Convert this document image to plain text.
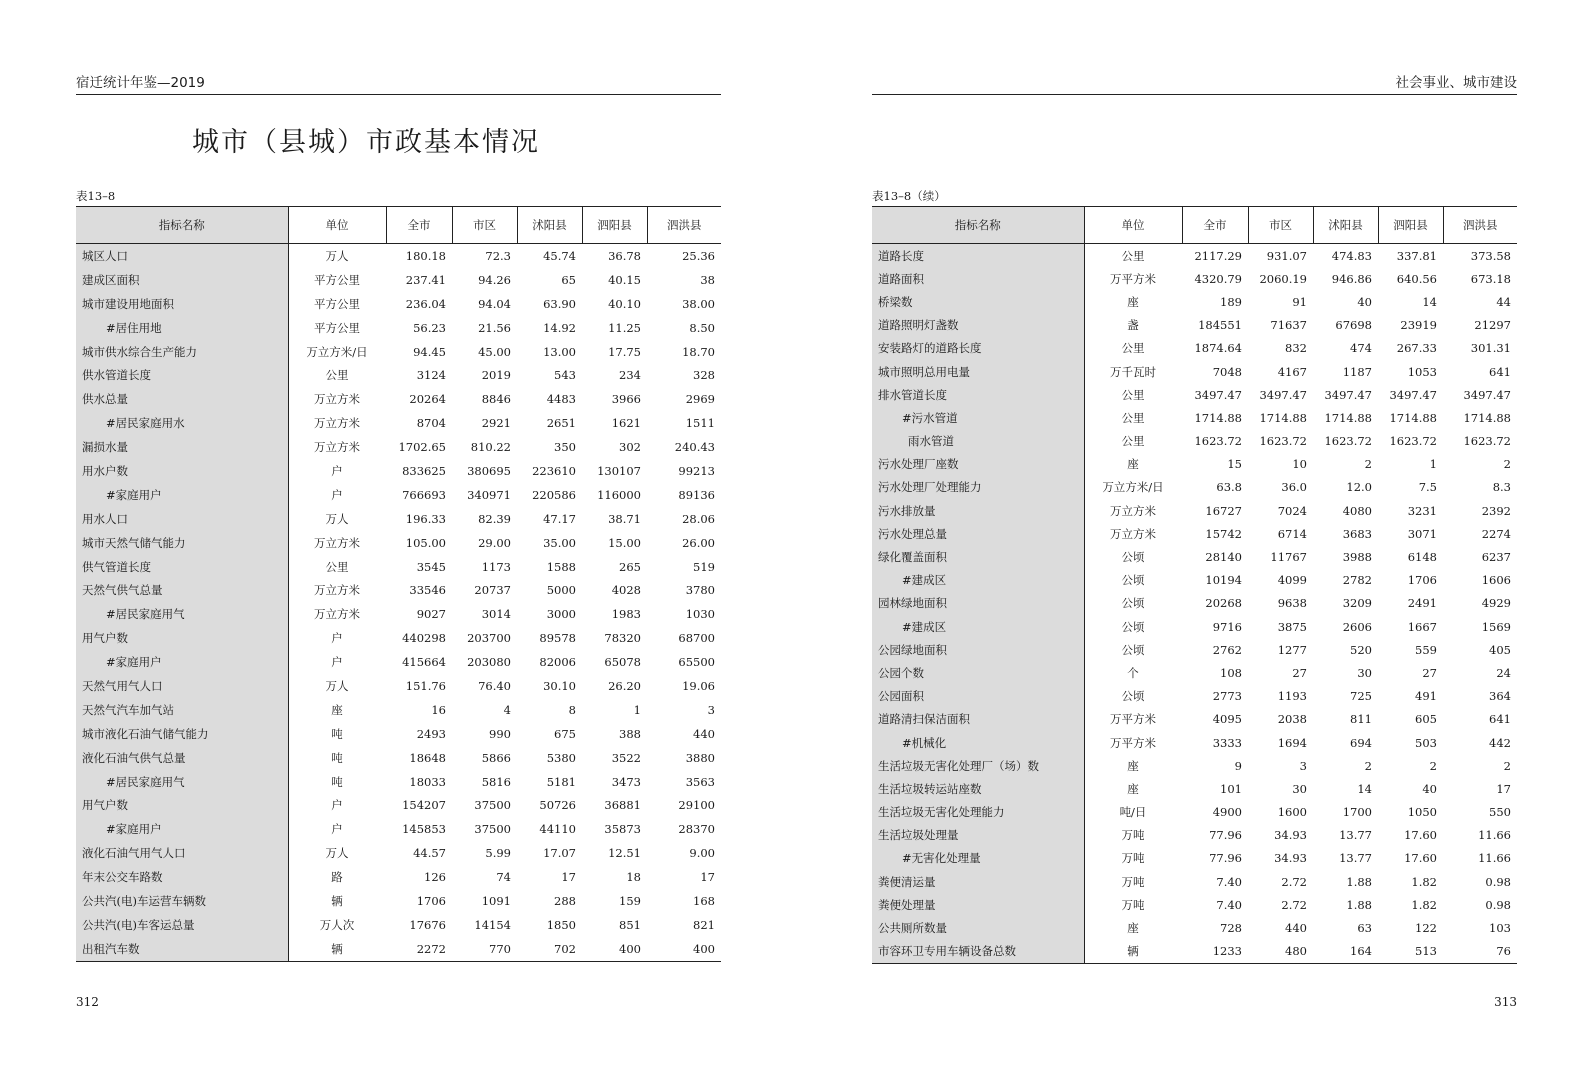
宿迁统计年鉴—2019
城市（县城）市政基本情况
表13–8
指标名称	单位	全市	市区	沭阳县	泗阳县	泗洪县
城区人口	万人	180.18	72.3	45.74	36.78	25.36
建成区面积	平方公里	237.41	94.26	65	40.15	38
城市建设用地面积	平方公里	236.04	94.04	63.90	40.10	38.00
#居住用地	平方公里	56.23	21.56	14.92	11.25	8.50
城市供水综合生产能力	万立方米/日	94.45	45.00	13.00	17.75	18.70
供水管道长度	公里	3124	2019	543	234	328
供水总量	万立方米	20264	8846	4483	3966	2969
#居民家庭用水	万立方米	8704	2921	2651	1621	1511
漏损水量	万立方米	1702.65	810.22	350	302	240.43
用水户数	户	833625	380695	223610	130107	99213
#家庭用户	户	766693	340971	220586	116000	89136
用水人口	万人	196.33	82.39	47.17	38.71	28.06
城市天然气储气能力	万立方米	105.00	29.00	35.00	15.00	26.00
供气管道长度	公里	3545	1173	1588	265	519
天然气供气总量	万立方米	33546	20737	5000	4028	3780
#居民家庭用气	万立方米	9027	3014	3000	1983	1030
用气户数	户	440298	203700	89578	78320	68700
#家庭用户	户	415664	203080	82006	65078	65500
天然气用气人口	万人	151.76	76.40	30.10	26.20	19.06
天然气汽车加气站	座	16	4	8	1	3
城市液化石油气储气能力	吨	2493	990	675	388	440
液化石油气供气总量	吨	18648	5866	5380	3522	3880
#居民家庭用气	吨	18033	5816	5181	3473	3563
用气户数	户	154207	37500	50726	36881	29100
#家庭用户	户	145853	37500	44110	35873	28370
液化石油气用气人口	万人	44.57	5.99	17.07	12.51	9.00
年末公交车路数	路	126	74	17	18	17
公共汽(电)车运营车辆数	辆	1706	1091	288	159	168
公共汽(电)车客运总量	万人次	17676	14154	1850	851	821
出租汽车数	辆	2272	770	702	400	400
312
社会事业、城市建设
表13–8（续）
指标名称	单位	全市	市区	沭阳县	泗阳县	泗洪县
道路长度	公里	2117.29	931.07	474.83	337.81	373.58
道路面积	万平方米	4320.79	2060.19	946.86	640.56	673.18
桥梁数	座	189	91	40	14	44
道路照明灯盏数	盏	184551	71637	67698	23919	21297
安装路灯的道路长度	公里	1874.64	832	474	267.33	301.31
城市照明总用电量	万千瓦时	7048	4167	1187	1053	641
排水管道长度	公里	3497.47	3497.47	3497.47	3497.47	3497.47
#污水管道	公里	1714.88	1714.88	1714.88	1714.88	1714.88
雨水管道	公里	1623.72	1623.72	1623.72	1623.72	1623.72
污水处理厂座数	座	15	10	2	1	2
污水处理厂处理能力	万立方米/日	63.8	36.0	12.0	7.5	8.3
污水排放量	万立方米	16727	7024	4080	3231	2392
污水处理总量	万立方米	15742	6714	3683	3071	2274
绿化覆盖面积	公顷	28140	11767	3988	6148	6237
#建成区	公顷	10194	4099	2782	1706	1606
园林绿地面积	公顷	20268	9638	3209	2491	4929
#建成区	公顷	9716	3875	2606	1667	1569
公园绿地面积	公顷	2762	1277	520	559	405
公园个数	个	108	27	30	27	24
公园面积	公顷	2773	1193	725	491	364
道路清扫保洁面积	万平方米	4095	2038	811	605	641
#机械化	万平方米	3333	1694	694	503	442
生活垃圾无害化处理厂（场）数	座	9	3	2	2	2
生活垃圾转运站座数	座	101	30	14	40	17
生活垃圾无害化处理能力	吨/日	4900	1600	1700	1050	550
生活垃圾处理量	万吨	77.96	34.93	13.77	17.60	11.66
#无害化处理量	万吨	77.96	34.93	13.77	17.60	11.66
粪便清运量	万吨	7.40	2.72	1.88	1.82	0.98
粪便处理量	万吨	7.40	2.72	1.88	1.82	0.98
公共厕所数量	座	728	440	63	122	103
市容环卫专用车辆设备总数	辆	1233	480	164	513	76
313
